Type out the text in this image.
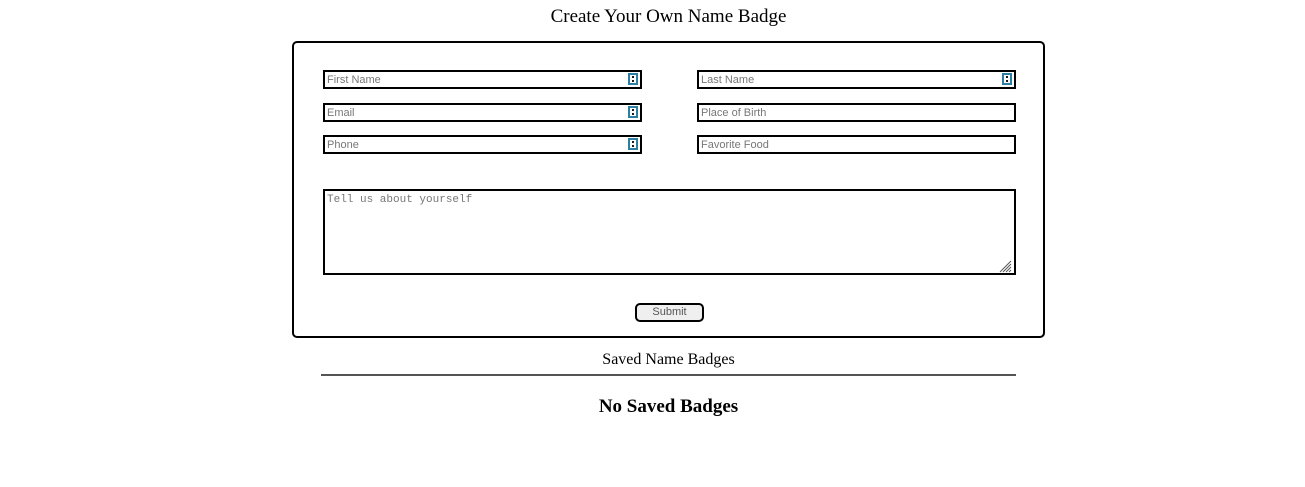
Create Your Own Name Badge
First Name
Last Name
Email
Place of Birth
Phone
Favorite Food
Tell us about yourself
Submit
Saved Name Badges
No Saved Badges
